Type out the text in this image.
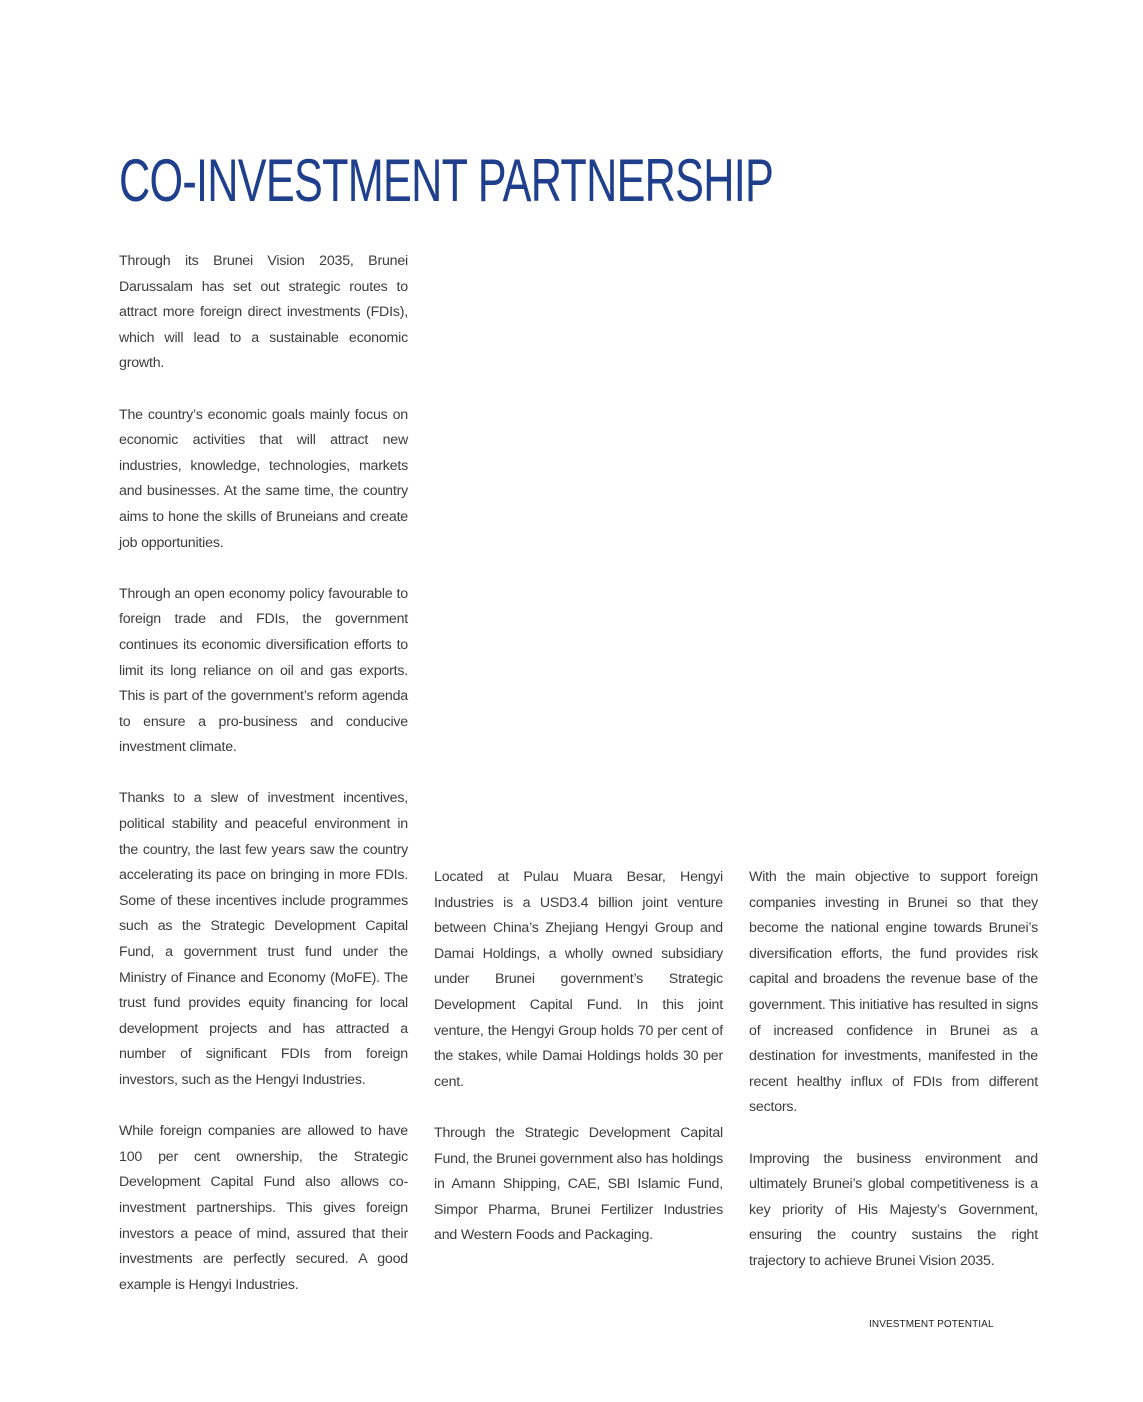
CO-INVESTMENT PARTNERSHIP

Through its Brunei Vision 2035, Brunei Darussalam has set out strategic routes to attract more foreign direct investments (FDIs), which will lead to a sustainable economic growth.

The country’s economic goals mainly focus on economic activities that will attract new industries, knowledge, technologies, markets and businesses. At the same time, the country aims to hone the skills of Bruneians and create job opportunities.

Through an open economy policy favourable to foreign trade and FDIs, the government continues its economic diversification efforts to limit its long reliance on oil and gas exports. This is part of the government’s reform agenda to ensure a pro-business and conducive investment climate.

Thanks to a slew of investment incentives, political stability and peaceful environment in the country, the last few years saw the country accelerating its pace on bringing in more FDIs. Some of these incentives include programmes such as the Strategic Development Capital Fund, a government trust fund under the Ministry of Finance and Economy (MoFE). The trust fund provides equity financing for local development projects and has attracted a number of significant FDIs from foreign investors, such as the Hengyi Industries.

While foreign companies are allowed to have 100 per cent ownership, the Strategic Development Capital Fund also allows co-investment partnerships. This gives foreign investors a peace of mind, assured that their investments are perfectly secured. A good example is Hengyi Industries.

Located at Pulau Muara Besar, Hengyi Industries is a USD3.4 billion joint venture between China’s Zhejiang Hengyi Group and Damai Holdings, a wholly owned subsidiary under Brunei government’s Strategic Development Capital Fund. In this joint venture, the Hengyi Group holds 70 per cent of the stakes, while Damai Holdings holds 30 per cent.

Through the Strategic Development Capital Fund, the Brunei government also has holdings in Amann Shipping, CAE, SBI Islamic Fund, Simpor Pharma, Brunei Fertilizer Industries and Western Foods and Packaging.

With the main objective to support foreign companies investing in Brunei so that they become the national engine towards Brunei’s diversification efforts, the fund provides risk capital and broadens the revenue base of the government. This initiative has resulted in signs of increased confidence in Brunei as a destination for investments, manifested in the recent healthy influx of FDIs from different sectors.

Improving the business environment and ultimately Brunei’s global competitiveness is a key priority of His Majesty’s Government, ensuring the country sustains the right trajectory to achieve Brunei Vision 2035.

INVESTMENT POTENTIAL
